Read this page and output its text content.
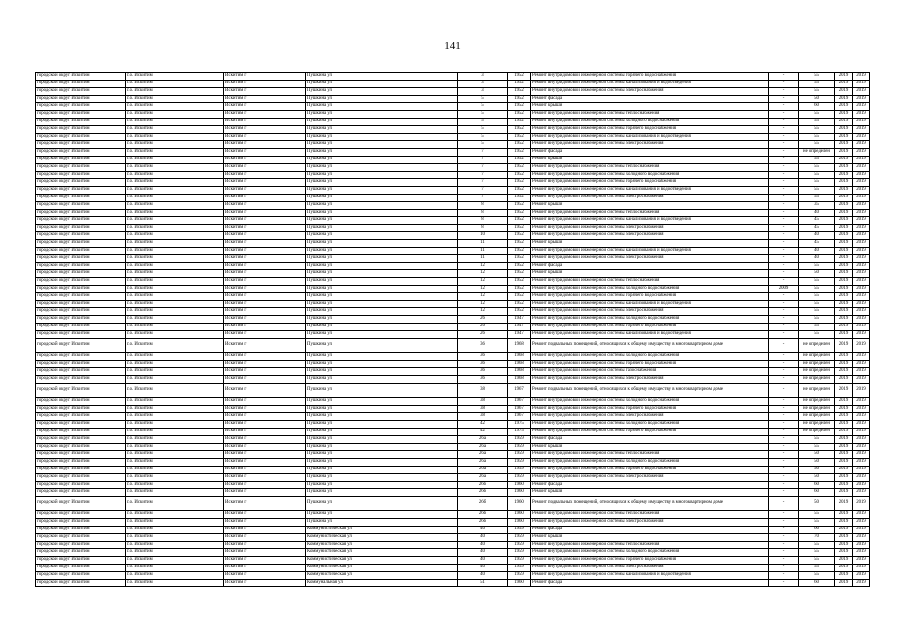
141
городской округ Искитим	г.о. Искитим	Искитим г	Пушкина ул	3	1952	Ремонт внутридомовой инженерной системы горячего водоснабжения	-	55	2019	2019
городской округ Искитим	г.о. Искитим	Искитим г	Пушкина ул	3	1952	Ремонт внутридомовой инженерной системы канализования и водоотведения	-	55	2019	2019
городской округ Искитим	г.о. Искитим	Искитим г	Пушкина ул	3	1952	Ремонт внутридомовой инженерной системы электроснабжения	-	55	2019	2019
городской округ Искитим	г.о. Искитим	Искитим г	Пушкина ул	5	1952	Ремонт фасада	-	50	2019	2019
городской округ Искитим	г.о. Искитим	Искитим г	Пушкина ул	5	1952	Ремонт крыши	-	60	2019	2019
городской округ Искитим	г.о. Искитим	Искитим г	Пушкина ул	5	1952	Ремонт внутридомовой инженерной системы теплоснабжения	-	55	2019	2019
городской округ Искитим	г.о. Искитим	Искитим г	Пушкина ул	5	1952	Ремонт внутридомовой инженерной системы холодного водоснабжения	-	55	2019	2019
городской округ Искитим	г.о. Искитим	Искитим г	Пушкина ул	5	1952	Ремонт внутридомовой инженерной системы горячего водоснабжения	-	55	2019	2019
городской округ Искитим	г.о. Искитим	Искитим г	Пушкина ул	5	1952	Ремонт внутридомовой инженерной системы канализования и водоотведения	-	55	2019	2019
городской округ Искитим	г.о. Искитим	Искитим г	Пушкина ул	5	1952	Ремонт внутридомовой инженерной системы электроснабжения	-	55	2019	2019
городской округ Искитим	г.о. Искитим	Искитим г	Пушкина ул	7	1952	Ремонт фасада	-	не определен	2019	2019
городской округ Искитим	г.о. Искитим	Искитим г	Пушкина ул	7	1952	Ремонт крыши	-	55	2019	2019
городской округ Искитим	г.о. Искитим	Искитим г	Пушкина ул	7	1952	Ремонт внутридомовой инженерной системы теплоснабжения	-	55	2019	2019
городской округ Искитим	г.о. Искитим	Искитим г	Пушкина ул	7	1952	Ремонт внутридомовой инженерной системы холодного водоснабжения	-	55	2019	2019
городской округ Искитим	г.о. Искитим	Искитим г	Пушкина ул	7	1952	Ремонт внутридомовой инженерной системы горячего водоснабжения	-	55	2019	2019
городской округ Искитим	г.о. Искитим	Искитим г	Пушкина ул	7	1952	Ремонт внутридомовой инженерной системы канализования и водоотведения	-	55	2019	2019
городской округ Искитим	г.о. Искитим	Искитим г	Пушкина ул	7	1952	Ремонт внутридомовой инженерной системы электроснабжения	-	55	2019	2019
городской округ Искитим	г.о. Искитим	Искитим г	Пушкина ул	8	1952	Ремонт крыши	-	35	2019	2019
городской округ Искитим	г.о. Искитим	Искитим г	Пушкина ул	8	1952	Ремонт внутридомовой инженерной системы теплоснабжения	-	40	2019	2019
городской округ Искитим	г.о. Искитим	Искитим г	Пушкина ул	8	1952	Ремонт внутридомовой инженерной системы канализования и водоотведения	-	45	2019	2019
городской округ Искитим	г.о. Искитим	Искитим г	Пушкина ул	8	1952	Ремонт внутридомовой инженерной системы электроснабжения	-	45	2019	2019
городской округ Искитим	г.о. Искитим	Искитим г	Пушкина ул	10	1952	Ремонт внутридомовой инженерной системы электроснабжения	-	40	2019	2019
городской округ Искитим	г.о. Искитим	Искитим г	Пушкина ул	11	1952	Ремонт крыши	-	45	2019	2019
городской округ Искитим	г.о. Искитим	Искитим г	Пушкина ул	11	1952	Ремонт внутридомовой инженерной системы канализования и водоотведения	-	40	2019	2019
городской округ Искитим	г.о. Искитим	Искитим г	Пушкина ул	11	1952	Ремонт внутридомовой инженерной системы электроснабжения	-	40	2019	2019
городской округ Искитим	г.о. Искитим	Искитим г	Пушкина ул	12	1952	Ремонт фасада	-	55	2019	2019
городской округ Искитим	г.о. Искитим	Искитим г	Пушкина ул	12	1952	Ремонт крыши	-	50	2019	2019
городской округ Искитим	г.о. Искитим	Искитим г	Пушкина ул	12	1952	Ремонт внутридомовой инженерной системы теплоснабжения	-	55	2019	2019
городской округ Искитим	г.о. Искитим	Искитим г	Пушкина ул	12	1952	Ремонт внутридомовой инженерной системы холодного водоснабжения	2009	55	2019	2019
городской округ Искитим	г.о. Искитим	Искитим г	Пушкина ул	12	1952	Ремонт внутридомовой инженерной системы горячего водоснабжения	-	55	2019	2019
городской округ Искитим	г.о. Искитим	Искитим г	Пушкина ул	12	1952	Ремонт внутридомовой инженерной системы канализования и водоотведения	-	55	2019	2019
городской округ Искитим	г.о. Искитим	Искитим г	Пушкина ул	12	1952	Ремонт внутридомовой инженерной системы электроснабжения	-	55	2019	2019
городской округ Искитим	г.о. Искитим	Искитим г	Пушкина ул	26	1947	Ремонт внутридомовой инженерной системы холодного водоснабжения	-	55	2019	2019
городской округ Искитим	г.о. Искитим	Искитим г	Пушкина ул	26	1947	Ремонт внутридомовой инженерной системы горячего водоснабжения	-	55	2019	2019
городской округ Искитим	г.о. Искитим	Искитим г	Пушкина ул	26	1947	Ремонт внутридомовой инженерной системы канализования и водоотведения	-	55	2019	2019
городской округ Искитим	г.о. Искитим	Искитим г	Пушкина ул	36	1968	Ремонт подвальных помещений, относящихся к общему имуществу в многоквартирном доме	-	не определен	2019	2019
городской округ Искитим	г.о. Искитим	Искитим г	Пушкина ул	36	1968	Ремонт внутридомовой инженерной системы холодного водоснабжения	-	не определен	2019	2019
городской округ Искитим	г.о. Искитим	Искитим г	Пушкина ул	36	1968	Ремонт внутридомовой инженерной системы горячего водоснабжения	-	не определен	2019	2019
городской округ Искитим	г.о. Искитим	Искитим г	Пушкина ул	36	1968	Ремонт внутридомовой инженерной системы газоснабжения	-	не определен	2019	2019
городской округ Искитим	г.о. Искитим	Искитим г	Пушкина ул	36	1968	Ремонт внутридомовой инженерной системы электроснабжения	-	не определен	2019	2019
городской округ Искитим	г.о. Искитим	Искитим г	Пушкина ул	38	1967	Ремонт подвальных помещений, относящихся к общему имуществу в многоквартирном доме	-	не определен	2019	2019
городской округ Искитим	г.о. Искитим	Искитим г	Пушкина ул	38	1967	Ремонт внутридомовой инженерной системы холодного водоснабжения	-	не определен	2019	2019
городской округ Искитим	г.о. Искитим	Искитим г	Пушкина ул	38	1967	Ремонт внутридомовой инженерной системы горячего водоснабжения	-	не определен	2019	2019
городской округ Искитим	г.о. Искитим	Искитим г	Пушкина ул	38	1967	Ремонт внутридомовой инженерной системы электроснабжения	-	не определен	2019	2019
городской округ Искитим	г.о. Искитим	Искитим г	Пушкина ул	42	1975	Ремонт внутридомовой инженерной системы холодного водоснабжения	-	не определен	2019	2019
городской округ Искитим	г.о. Искитим	Искитим г	Пушкина ул	42	1975	Ремонт внутридомовой инженерной системы горячего водоснабжения	-	не определен	2019	2019
городской округ Искитим	г.о. Искитим	Искитим г	Пушкина ул	26а	1959	Ремонт фасада	-	55	2019	2019
городской округ Искитим	г.о. Искитим	Искитим г	Пушкина ул	26а	1959	Ремонт крыши	-	55	2019	2019
городской округ Искитим	г.о. Искитим	Искитим г	Пушкина ул	26а	1959	Ремонт внутридомовой инженерной системы теплоснабжения	-	50	2019	2019
городской округ Искитим	г.о. Искитим	Искитим г	Пушкина ул	26а	1959	Ремонт внутридомовой инженерной системы холодного водоснабжения	-	50	2019	2019
городской округ Искитим	г.о. Искитим	Искитим г	Пушкина ул	26а	1959	Ремонт внутридомовой инженерной системы горячего водоснабжения	-	50	2019	2019
городской округ Искитим	г.о. Искитим	Искитим г	Пушкина ул	26а	1959	Ремонт внутридомовой инженерной системы электроснабжения	-	50	2019	2019
городской округ Искитим	г.о. Искитим	Искитим г	Пушкина ул	26б	1960	Ремонт фасада	-	60	2019	2019
городской округ Искитим	г.о. Искитим	Искитим г	Пушкина ул	26б	1960	Ремонт крыши	-	60	2019	2019
городской округ Искитим	г.о. Искитим	Искитим г	Пушкина ул	26б	1960	Ремонт подвальных помещений, относящихся к общему имуществу в многоквартирном доме	-	50	2019	2019
городской округ Искитим	г.о. Искитим	Искитим г	Пушкина ул	26б	1960	Ремонт внутридомовой инженерной системы теплоснабжения	-	55	2019	2019
городской округ Искитим	г.о. Искитим	Искитим г	Пушкина ул	26б	1960	Ремонт внутридомовой инженерной системы электроснабжения	-	55	2019	2019
городской округ Искитим	г.о. Искитим	Искитим г	Коммунистическая ул	40	1959	Ремонт фасада	-	60	2019	2019
городской округ Искитим	г.о. Искитим	Искитим г	Коммунистическая ул	40	1959	Ремонт крыши	-	70	2019	2019
городской округ Искитим	г.о. Искитим	Искитим г	Коммунистическая ул	40	1959	Ремонт внутридомовой инженерной системы теплоснабжения	-	55	2019	2019
городской округ Искитим	г.о. Искитим	Искитим г	Коммунистическая ул	40	1959	Ремонт внутридомовой инженерной системы холодного водоснабжения	-	55	2019	2019
городской округ Искитим	г.о. Искитим	Искитим г	Коммунистическая ул	40	1959	Ремонт внутридомовой инженерной системы горячего водоснабжения	-	55	2019	2019
городской округ Искитим	г.о. Искитим	Искитим г	Коммунистическая ул	40	1959	Ремонт внутридомовой инженерной системы электроснабжения	-	55	2019	2019
городской округ Искитим	г.о. Искитим	Искитим г	Коммунистическая ул	40	1959	Ремонт внутридомовой инженерной системы канализования и водоотведения	-	55	2019	2019
городской округ Искитим	г.о. Искитим	Искитим г	Коммунальная ул	51	1960	Ремонт фасада	-	60	2019	2019
